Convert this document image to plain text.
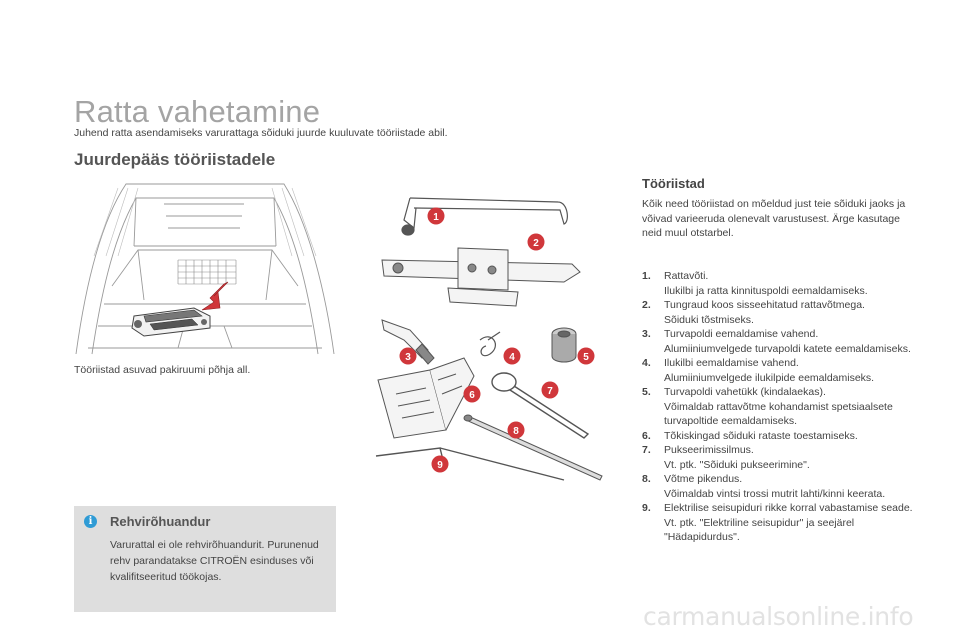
Ratta vahetamine
Juhend ratta asendamiseks varurattaga sõiduki juurde kuuluvate tööriistade abil.
Juurdepääs tööriistadele
Tööriistad asuvad pakiruumi põhja all.
1
2
3	4	5
6	7
8
9
i	Rehvirõhuandur
Varurattal ei ole rehvirõhuandurit. Purunenud rehv parandatakse CITROËN esinduses või kvalifitseeritud töökojas.
Tööriistad
Kõik need tööriistad on mõeldud just teie sõiduki jaoks ja võivad varieeruda olenevalt varustusest. Ärge kasutage neid muul otstarbel.
1.	Rattavõti.
Ilukilbi ja ratta kinnituspoldi eemaldamiseks.
2.	Tungraud koos sisseehitatud rattavõtmega.
Sõiduki tõstmiseks.
3.	Turvapoldi eemaldamise vahend.
Alumiiniumvelgede turvapoldi katete eemaldamiseks.
4.	Ilukilbi eemaldamise vahend.
Alumiiniumvelgede ilukilpide eemaldamiseks.
5.	Turvapoldi vahetükk (kindalaekas).
Võimaldab rattavõtme kohandamist spetsiaalsete turvapoltide eemaldamiseks.
6.	Tõkiskingad sõiduki rataste toestamiseks.
7.	Pukseerimissilmus.
Vt. ptk. "Sõiduki pukseerimine".
8.	Võtme pikendus.
Võimaldab vintsi trossi mutrit lahti/kinni keerata.
9.	Elektrilise seisupiduri rikke korral vabastamise seade.
Vt. ptk. "Elektriline seisupidur" ja seejärel "Hädapidurdus".
carmanualsonline.info
